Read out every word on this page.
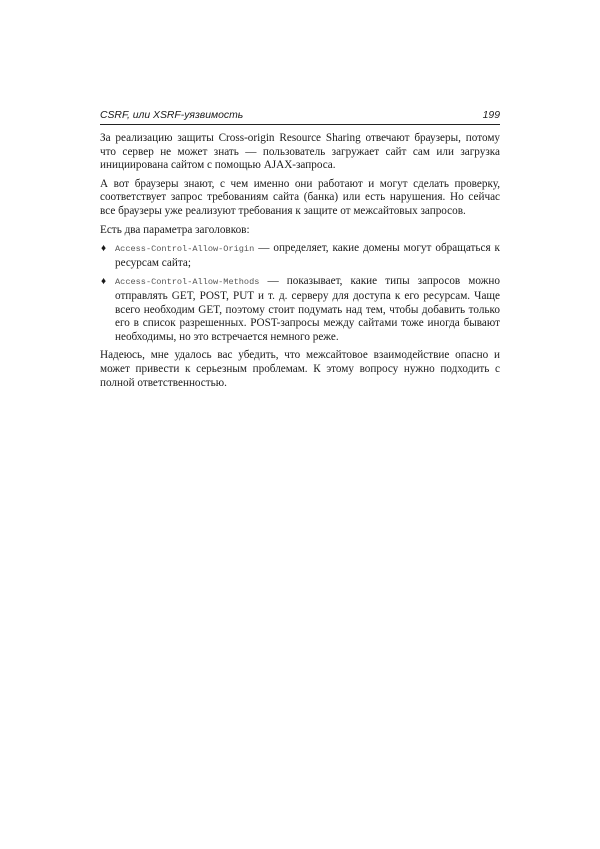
CSRF, или XSRF-уязвимость	199

За реализацию защиты Cross-origin Resource Sharing отвечают браузеры, потому что сервер не может знать — пользователь загружает сайт сам или загрузка инициирована сайтом с помощью AJAX-запроса.

А вот браузеры знают, с чем именно они работают и могут сделать проверку, соответствует запрос требованиям сайта (банка) или есть нарушения. Но сейчас все браузеры уже реализуют требования к защите от межсайтовых запросов.

Есть два параметра заголовков:

♦ Access-Control-Allow-Origin — определяет, какие домены могут обращаться к ресурсам сайта;
♦ Access-Control-Allow-Methods — показывает, какие типы запросов можно отправлять GET, POST, PUT и т. д. серверу для доступа к его ресурсам. Чаще всего необходим GET, поэтому стоит подумать над тем, чтобы добавить только его в список разрешенных. POST-запросы между сайтами тоже иногда бывают необходимы, но это встречается немного реже.

Надеюсь, мне удалось вас убедить, что межсайтовое взаимодействие опасно и может привести к серьезным проблемам. К этому вопросу нужно подходить с полной ответственностью.
